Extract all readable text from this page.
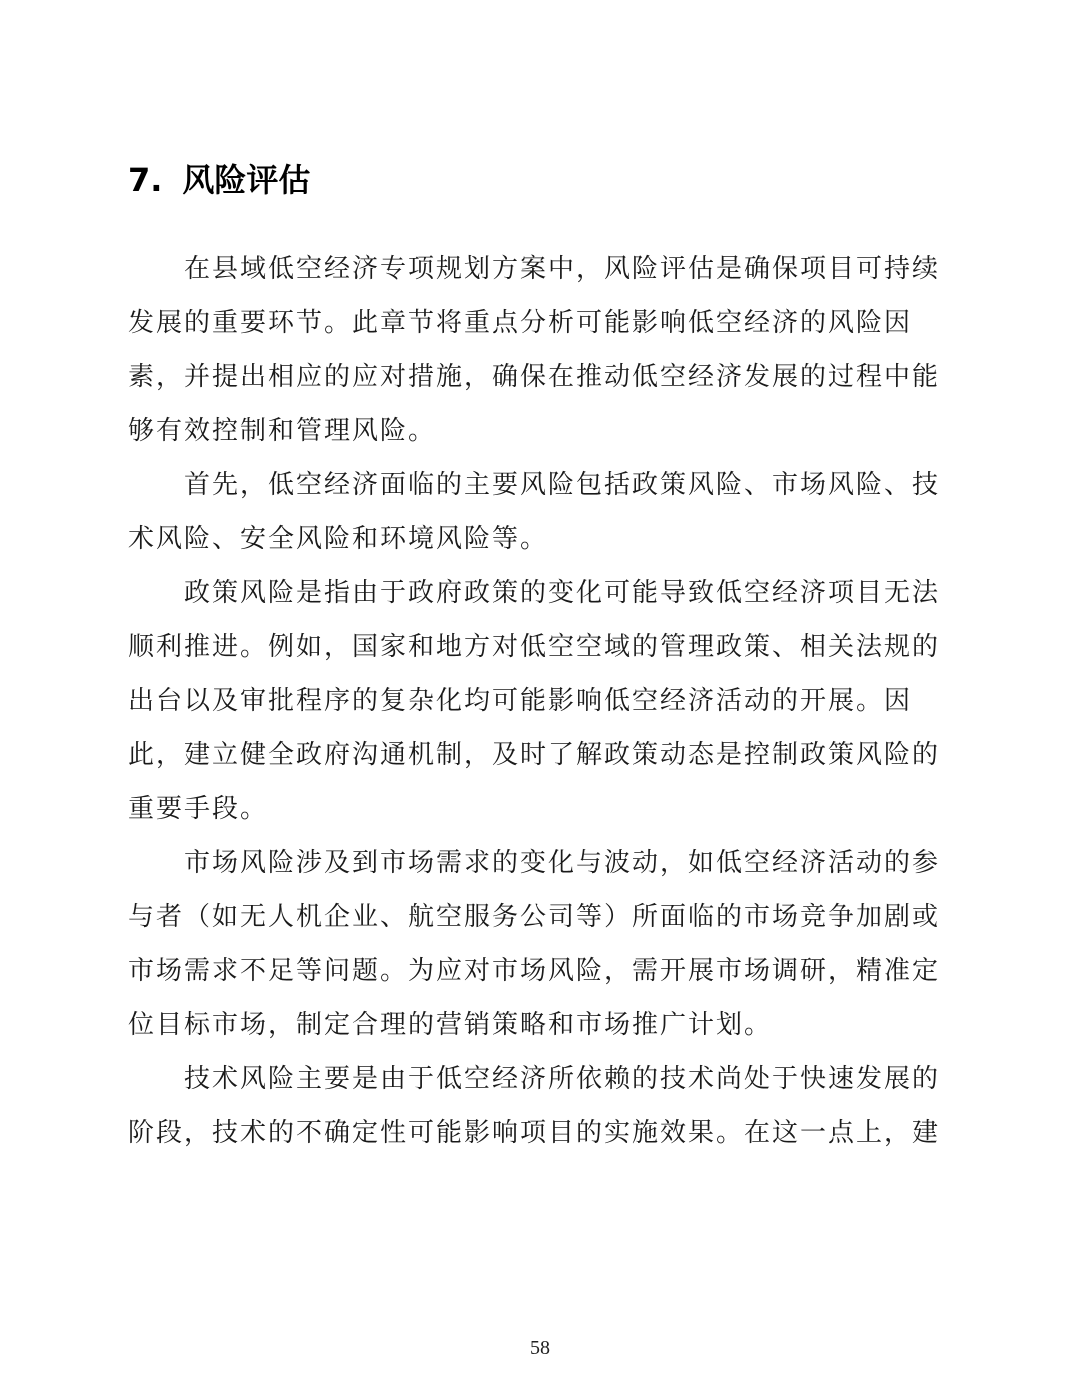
7. 风险评估
在县域低空经济专项规划方案中，风险评估是确保项目可持续
发展的重要环节。此章节将重点分析可能影响低空经济的风险因
素，并提出相应的应对措施，确保在推动低空经济发展的过程中能
够有效控制和管理风险。
首先，低空经济面临的主要风险包括政策风险、市场风险、技
术风险、安全风险和环境风险等。
政策风险是指由于政府政策的变化可能导致低空经济项目无法
顺利推进。例如，国家和地方对低空空域的管理政策、相关法规的
出台以及审批程序的复杂化均可能影响低空经济活动的开展。因
此，建立健全政府沟通机制，及时了解政策动态是控制政策风险的
重要手段。
市场风险涉及到市场需求的变化与波动，如低空经济活动的参
与者（如无人机企业、航空服务公司等）所面临的市场竞争加剧或
市场需求不足等问题。为应对市场风险，需开展市场调研，精准定
位目标市场，制定合理的营销策略和市场推广计划。
技术风险主要是由于低空经济所依赖的技术尚处于快速发展的
阶段，技术的不确定性可能影响项目的实施效果。在这一点上，建
58
